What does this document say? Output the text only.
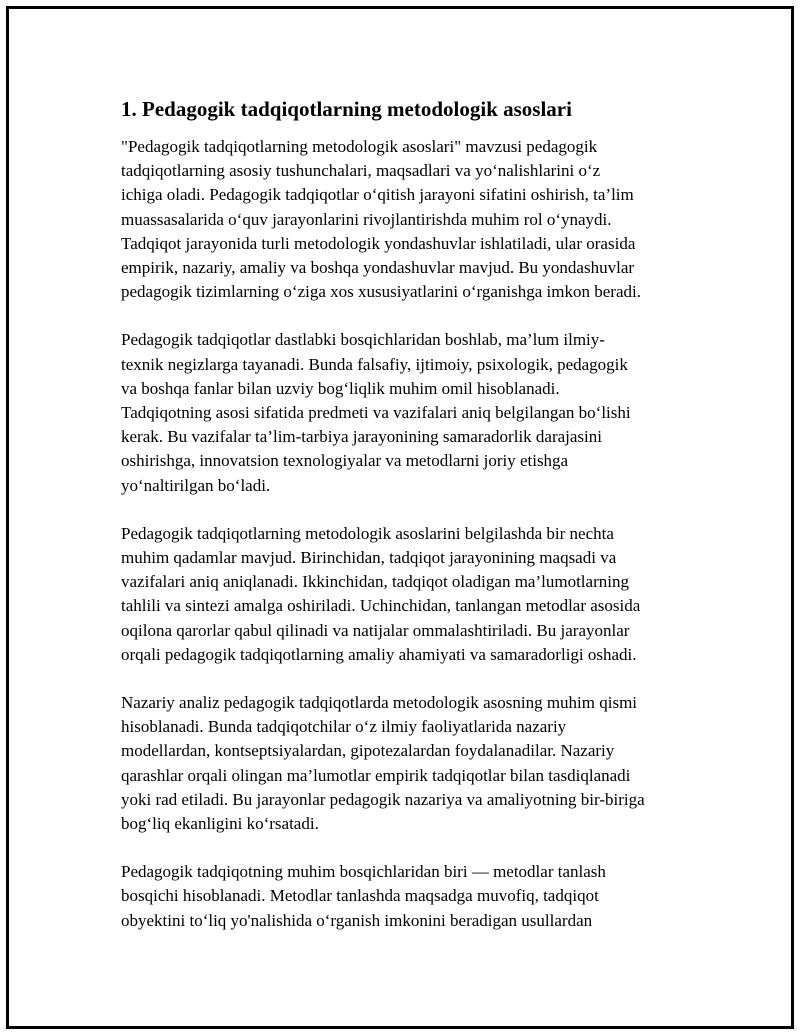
1. Pedagogik tadqiqotlarning metodologik asoslari

"Pedagogik tadqiqotlarning metodologik asoslari" mavzusi pedagogik
tadqiqotlarning asosiy tushunchalari, maqsadlari va yo‘nalishlarini o‘z
ichiga oladi. Pedagogik tadqiqotlar o‘qitish jarayoni sifatini oshirish, ta’lim
muassasalarida o‘quv jarayonlarini rivojlantirishda muhim rol o‘ynaydi.
Tadqiqot jarayonida turli metodologik yondashuvlar ishlatiladi, ular orasida
empirik, nazariy, amaliy va boshqa yondashuvlar mavjud. Bu yondashuvlar
pedagogik tizimlarning o‘ziga xos xususiyatlarini o‘rganishga imkon beradi.

Pedagogik tadqiqotlar dastlabki bosqichlaridan boshlab, ma’lum ilmiy-
texnik negizlarga tayanadi. Bunda falsafiy, ijtimoiy, psixologik, pedagogik
va boshqa fanlar bilan uzviy bog‘liqlik muhim omil hisoblanadi.
Tadqiqotning asosi sifatida predmeti va vazifalari aniq belgilangan bo‘lishi
kerak. Bu vazifalar ta’lim-tarbiya jarayonining samaradorlik darajasini
oshirishga, innovatsion texnologiyalar va metodlarni joriy etishga
yo‘naltirilgan bo‘ladi.

Pedagogik tadqiqotlarning metodologik asoslarini belgilashda bir nechta
muhim qadamlar mavjud. Birinchidan, tadqiqot jarayonining maqsadi va
vazifalari aniq aniqlanadi. Ikkinchidan, tadqiqot oladigan ma’lumotlarning
tahlili va sintezi amalga oshiriladi. Uchinchidan, tanlangan metodlar asosida
oqilona qarorlar qabul qilinadi va natijalar ommalashtiriladi. Bu jarayonlar
orqali pedagogik tadqiqotlarning amaliy ahamiyati va samaradorligi oshadi.

Nazariy analiz pedagogik tadqiqotlarda metodologik asosning muhim qismi
hisoblanadi. Bunda tadqiqotchilar o‘z ilmiy faoliyatlarida nazariy
modellardan, kontseptsiyalardan, gipotezalardan foydalanadilar. Nazariy
qarashlar orqali olingan ma’lumotlar empirik tadqiqotlar bilan tasdiqlanadi
yoki rad etiladi. Bu jarayonlar pedagogik nazariya va amaliyotning bir-biriga
bog‘liq ekanligini ko‘rsatadi.

Pedagogik tadqiqotning muhim bosqichlaridan biri — metodlar tanlash
bosqichi hisoblanadi. Metodlar tanlashda maqsadga muvofiq, tadqiqot
obyektini to‘liq yo'nalishida o‘rganish imkonini beradigan usullardan
